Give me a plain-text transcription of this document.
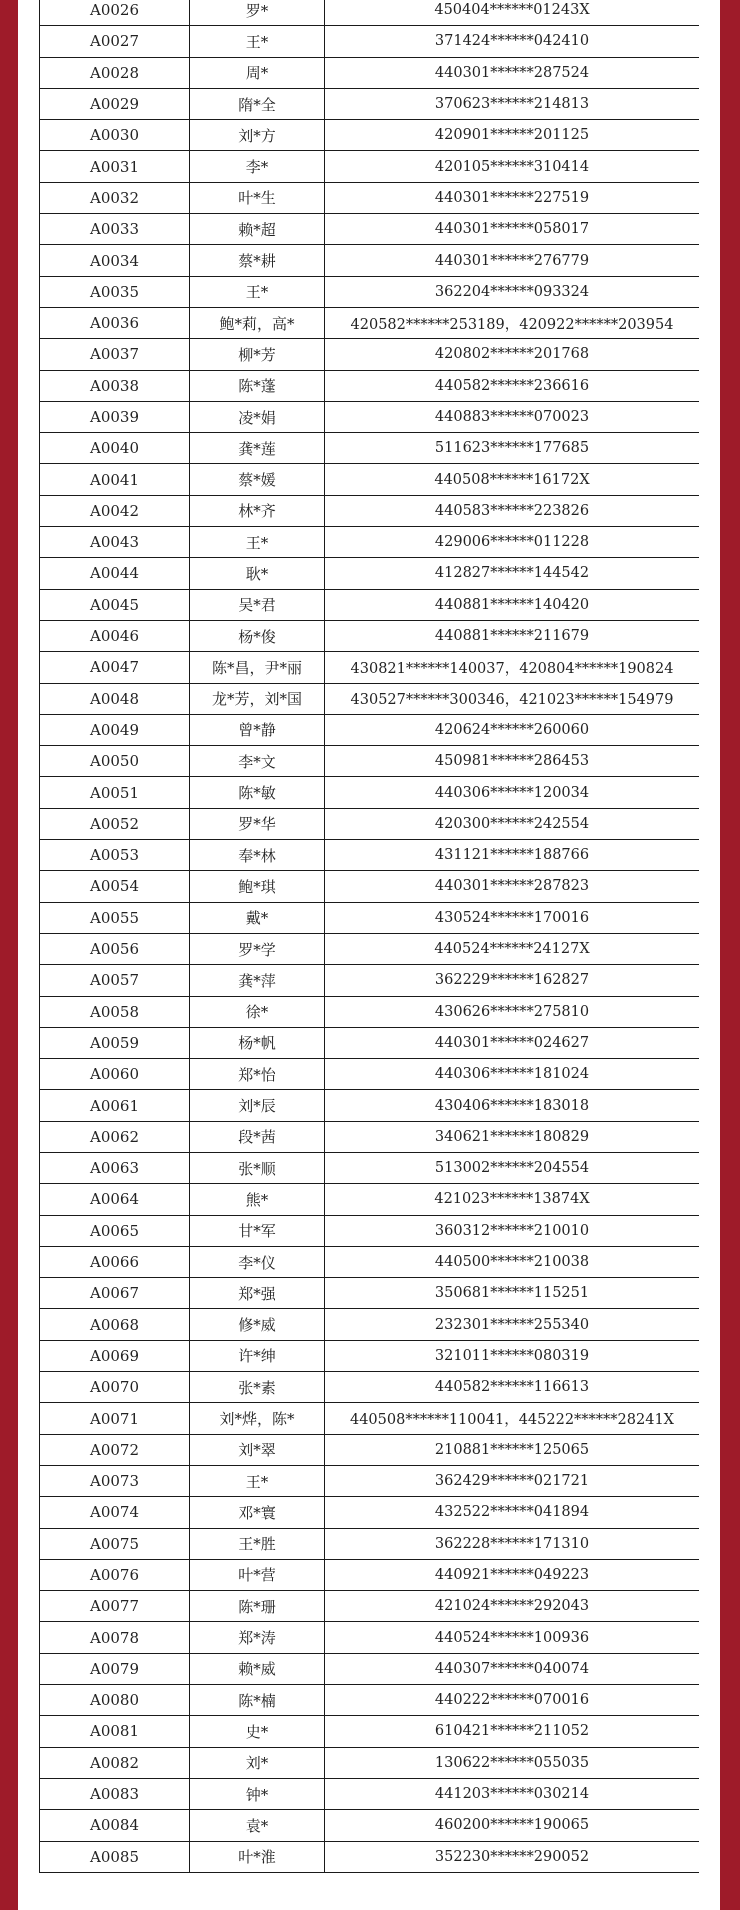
A0026	罗*	450404******01243X
A0027	王*	371424******042410
A0028	周*	440301******287524
A0029	隋*全	370623******214813
A0030	刘*方	420901******201125
A0031	李*	420105******310414
A0032	叶*生	440301******227519
A0033	赖*超	440301******058017
A0034	蔡*耕	440301******276779
A0035	王*	362204******093324
A0036	鲍*莉，高*	420582******253189，420922******203954
A0037	柳*芳	420802******201768
A0038	陈*蓬	440582******236616
A0039	凌*娟	440883******070023
A0040	龚*莲	511623******177685
A0041	蔡*媛	440508******16172X
A0042	林*齐	440583******223826
A0043	王*	429006******011228
A0044	耿*	412827******144542
A0045	吴*君	440881******140420
A0046	杨*俊	440881******211679
A0047	陈*昌，尹*丽	430821******140037，420804******190824
A0048	龙*芳，刘*国	430527******300346，421023******154979
A0049	曾*静	420624******260060
A0050	李*文	450981******286453
A0051	陈*敏	440306******120034
A0052	罗*华	420300******242554
A0053	奉*林	431121******188766
A0054	鲍*琪	440301******287823
A0055	戴*	430524******170016
A0056	罗*学	440524******24127X
A0057	龚*萍	362229******162827
A0058	徐*	430626******275810
A0059	杨*帆	440301******024627
A0060	郑*怡	440306******181024
A0061	刘*辰	430406******183018
A0062	段*茜	340621******180829
A0063	张*顺	513002******204554
A0064	熊*	421023******13874X
A0065	甘*军	360312******210010
A0066	李*仪	440500******210038
A0067	郑*强	350681******115251
A0068	修*威	232301******255340
A0069	许*绅	321011******080319
A0070	张*素	440582******116613
A0071	刘*烨，陈*	440508******110041，445222******28241X
A0072	刘*翠	210881******125065
A0073	王*	362429******021721
A0074	邓*寰	432522******041894
A0075	王*胜	362228******171310
A0076	叶*营	440921******049223
A0077	陈*珊	421024******292043
A0078	郑*涛	440524******100936
A0079	赖*威	440307******040074
A0080	陈*楠	440222******070016
A0081	史*	610421******211052
A0082	刘*	130622******055035
A0083	钟*	441203******030214
A0084	袁*	460200******190065
A0085	叶*淮	352230******290052
